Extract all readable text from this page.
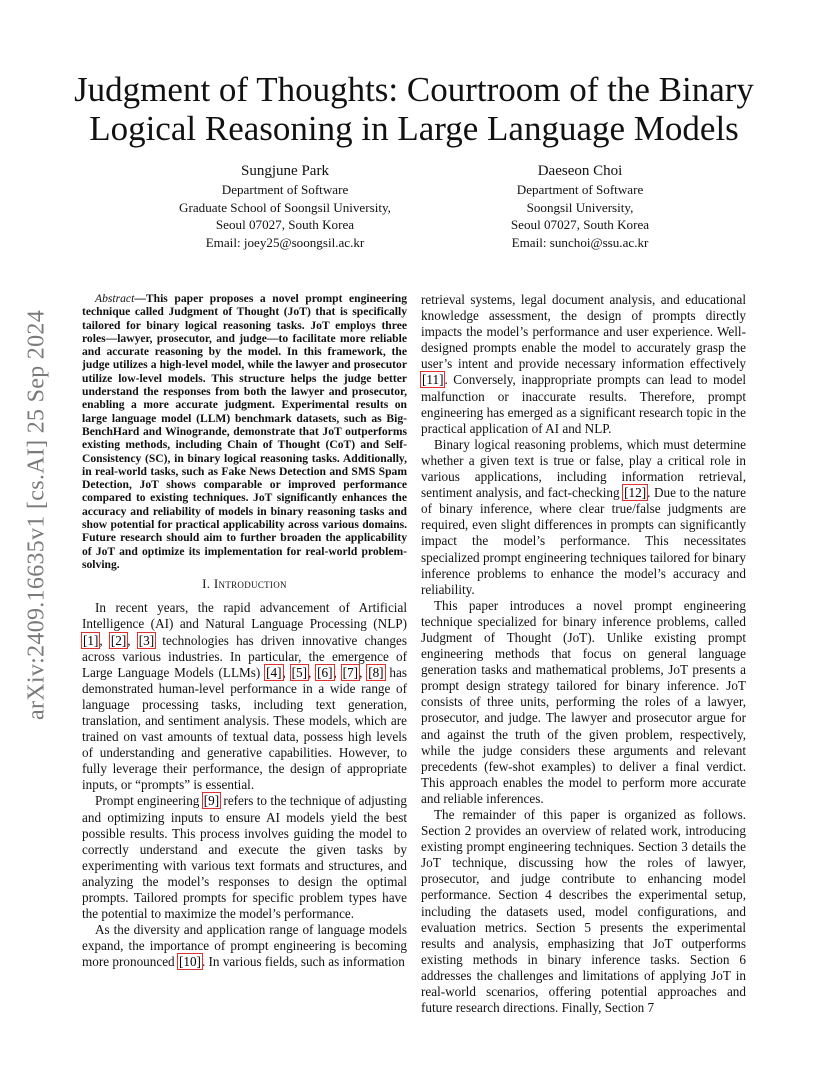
arXiv:2409.16635v1 [cs.AI] 25 Sep 2024
Judgment of Thoughts: Courtroom of the Binary Logical Reasoning in Large Language Models
Sungjune Park
Department of Software
Graduate School of Soongsil University,
Seoul 07027, South Korea
Email: joey25@soongsil.ac.kr
Daeseon Choi
Department of Software
Soongsil University,
Seoul 07027, South Korea
Email: sunchoi@ssu.ac.kr

Abstract—This paper proposes a novel prompt engineering technique called Judgment of Thought (JoT) that is specifically tailored for binary logical reasoning tasks. JoT employs three roles—lawyer, prosecutor, and judge—to facilitate more reliable and accurate reasoning by the model. In this framework, the judge utilizes a high-level model, while the lawyer and prosecutor utilize low-level models. This structure helps the judge better understand the responses from both the lawyer and prosecutor, enabling a more accurate judgment. Experimental results on large language model (LLM) benchmark datasets, such as Big-BenchHard and Winogrande, demonstrate that JoT outperforms existing methods, including Chain of Thought (CoT) and Self-Consistency (SC), in binary logical reasoning tasks. Additionally, in real-world tasks, such as Fake News Detection and SMS Spam Detection, JoT shows comparable or improved performance compared to existing techniques. JoT significantly enhances the accuracy and reliability of models in binary reasoning tasks and show potential for practical applicability across various domains. Future research should aim to further broaden the applicability of JoT and optimize its implementation for real-world problem-solving.

I. Introduction

In recent years, the rapid advancement of Artificial Intelligence (AI) and Natural Language Processing (NLP) [1], [2], [3] technologies has driven innovative changes across various industries. In particular, the emergence of Large Language Models (LLMs) [4], [5], [6], [7], [8] has demonstrated human-level performance in a wide range of language processing tasks, including text generation, translation, and sentiment analysis. These models, which are trained on vast amounts of textual data, possess high levels of understanding and generative capabilities. However, to fully leverage their performance, the design of appropriate inputs, or “prompts” is essential.

Prompt engineering [9] refers to the technique of adjusting and optimizing inputs to ensure AI models yield the best possible results. This process involves guiding the model to correctly understand and execute the given tasks by experimenting with various text formats and structures, and analyzing the model’s responses to design the optimal prompts. Tailored prompts for specific problem types have the potential to maximize the model’s performance.

As the diversity and application range of language models expand, the importance of prompt engineering is becoming more pronounced [10]. In various fields, such as information

retrieval systems, legal document analysis, and educational knowledge assessment, the design of prompts directly impacts the model’s performance and user experience. Well-designed prompts enable the model to accurately grasp the user’s intent and provide necessary information effectively [11]. Conversely, inappropriate prompts can lead to model malfunction or inaccurate results. Therefore, prompt engineering has emerged as a significant research topic in the practical application of AI and NLP.

Binary logical reasoning problems, which must determine whether a given text is true or false, play a critical role in various applications, including information retrieval, sentiment analysis, and fact-checking [12]. Due to the nature of binary inference, where clear true/false judgments are required, even slight differences in prompts can significantly impact the model’s performance. This necessitates specialized prompt engineering techniques tailored for binary inference problems to enhance the model’s accuracy and reliability.

This paper introduces a novel prompt engineering technique specialized for binary inference problems, called Judgment of Thought (JoT). Unlike existing prompt engineering methods that focus on general language generation tasks and mathematical problems, JoT presents a prompt design strategy tailored for binary inference. JoT consists of three units, performing the roles of a lawyer, prosecutor, and judge. The lawyer and prosecutor argue for and against the truth of the given problem, respectively, while the judge considers these arguments and relevant precedents (few-shot examples) to deliver a final verdict. This approach enables the model to perform more accurate and reliable inferences.

The remainder of this paper is organized as follows. Section 2 provides an overview of related work, introducing existing prompt engineering techniques. Section 3 details the JoT technique, discussing how the roles of lawyer, prosecutor, and judge contribute to enhancing model performance. Section 4 describes the experimental setup, including the datasets used, model configurations, and evaluation metrics. Section 5 presents the experimental results and analysis, emphasizing that JoT outperforms existing methods in binary inference tasks. Section 6 addresses the challenges and limitations of applying JoT in real-world scenarios, offering potential approaches and future research directions. Finally, Section 7
